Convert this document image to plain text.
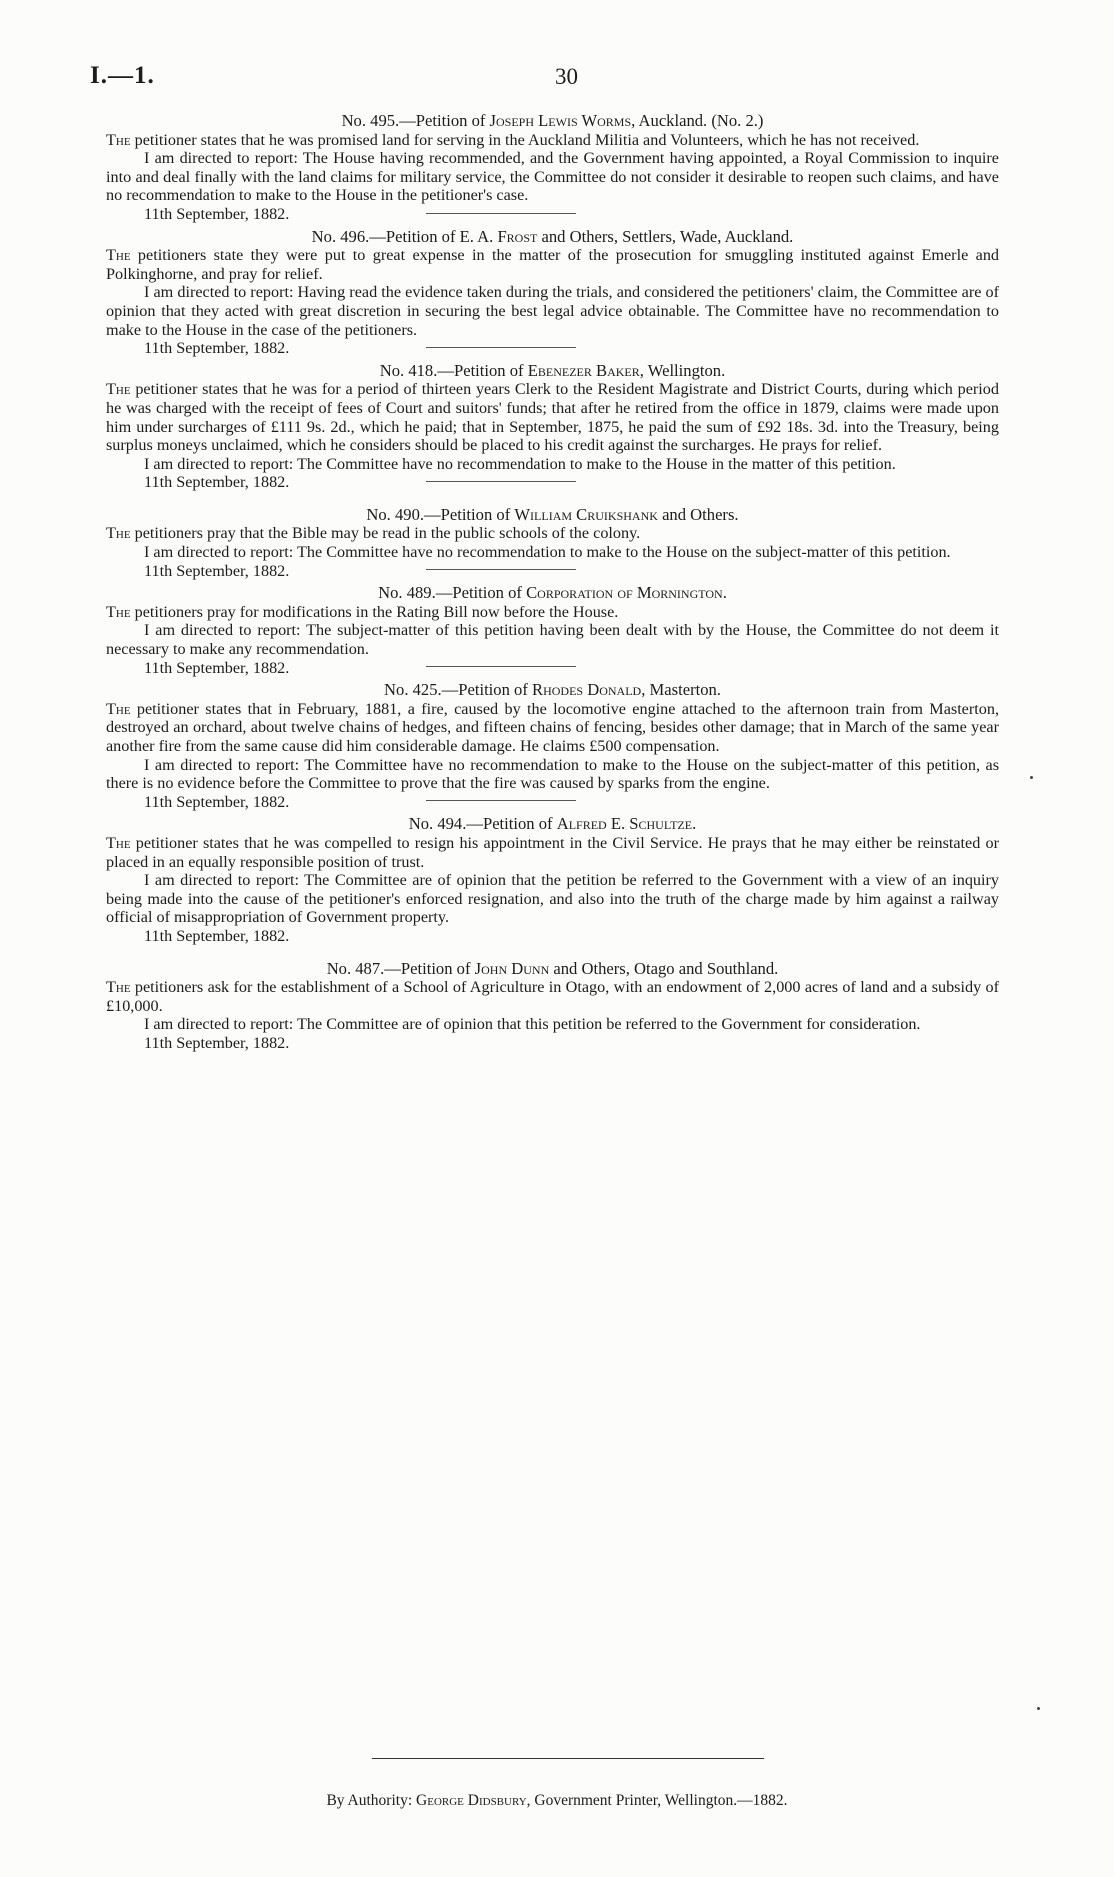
I.—1.	30

No. 495.—Petition of Joseph Lewis Worms, Auckland. (No. 2.)

The petitioner states that he was promised land for serving in the Auckland Militia and Volunteers, which he has not received.

I am directed to report: The House having recommended, and the Government having appointed, a Royal Commission to inquire into and deal finally with the land claims for military service, the Committee do not consider it desirable to reopen such claims, and have no recommendation to make to the House in the petitioner's case.

11th September, 1882.

No. 496.—Petition of E. A. Frost and Others, Settlers, Wade, Auckland.

The petitioners state they were put to great expense in the matter of the prosecution for smuggling instituted against Emerle and Polkinghorne, and pray for relief.

I am directed to report: Having read the evidence taken during the trials, and considered the petitioners' claim, the Committee are of opinion that they acted with great discretion in securing the best legal advice obtainable. The Committee have no recommendation to make to the House in the case of the petitioners.

11th September, 1882.

No. 418.—Petition of Ebenezer Baker, Wellington.

The petitioner states that he was for a period of thirteen years Clerk to the Resident Magistrate and District Courts, during which period he was charged with the receipt of fees of Court and suitors' funds; that after he retired from the office in 1879, claims were made upon him under surcharges of £111 9s. 2d., which he paid; that in September, 1875, he paid the sum of £92 18s. 3d. into the Treasury, being surplus moneys unclaimed, which he considers should be placed to his credit against the surcharges. He prays for relief.

I am directed to report: The Committee have no recommendation to make to the House in the matter of this petition.

11th September, 1882.

No. 490.—Petition of William Cruikshank and Others.

The petitioners pray that the Bible may be read in the public schools of the colony.

I am directed to report: The Committee have no recommendation to make to the House on the subject-matter of this petition.

11th September, 1882.

No. 489.—Petition of Corporation of Mornington.

The petitioners pray for modifications in the Rating Bill now before the House.

I am directed to report: The subject-matter of this petition having been dealt with by the House, the Committee do not deem it necessary to make any recommendation.

11th September, 1882.

No. 425.—Petition of Rhodes Donald, Masterton.

The petitioner states that in February, 1881, a fire, caused by the locomotive engine attached to the afternoon train from Masterton, destroyed an orchard, about twelve chains of hedges, and fifteen chains of fencing, besides other damage; that in March of the same year another fire from the same cause did him considerable damage. He claims £500 compensation.

I am directed to report: The Committee have no recommendation to make to the House on the subject-matter of this petition, as there is no evidence before the Committee to prove that the fire was caused by sparks from the engine.

11th September, 1882.

No. 494.—Petition of Alfred E. Schultze.

The petitioner states that he was compelled to resign his appointment in the Civil Service. He prays that he may either be reinstated or placed in an equally responsible position of trust.

I am directed to report: The Committee are of opinion that the petition be referred to the Government with a view of an inquiry being made into the cause of the petitioner's enforced resignation, and also into the truth of the charge made by him against a railway official of misappropriation of Government property.

11th September, 1882.

No. 487.—Petition of John Dunn and Others, Otago and Southland.

The petitioners ask for the establishment of a School of Agriculture in Otago, with an endowment of 2,000 acres of land and a subsidy of £10,000.

I am directed to report: The Committee are of opinion that this petition be referred to the Government for consideration.

11th September, 1882.

By Authority: George Didsbury, Government Printer, Wellington.—1882.
